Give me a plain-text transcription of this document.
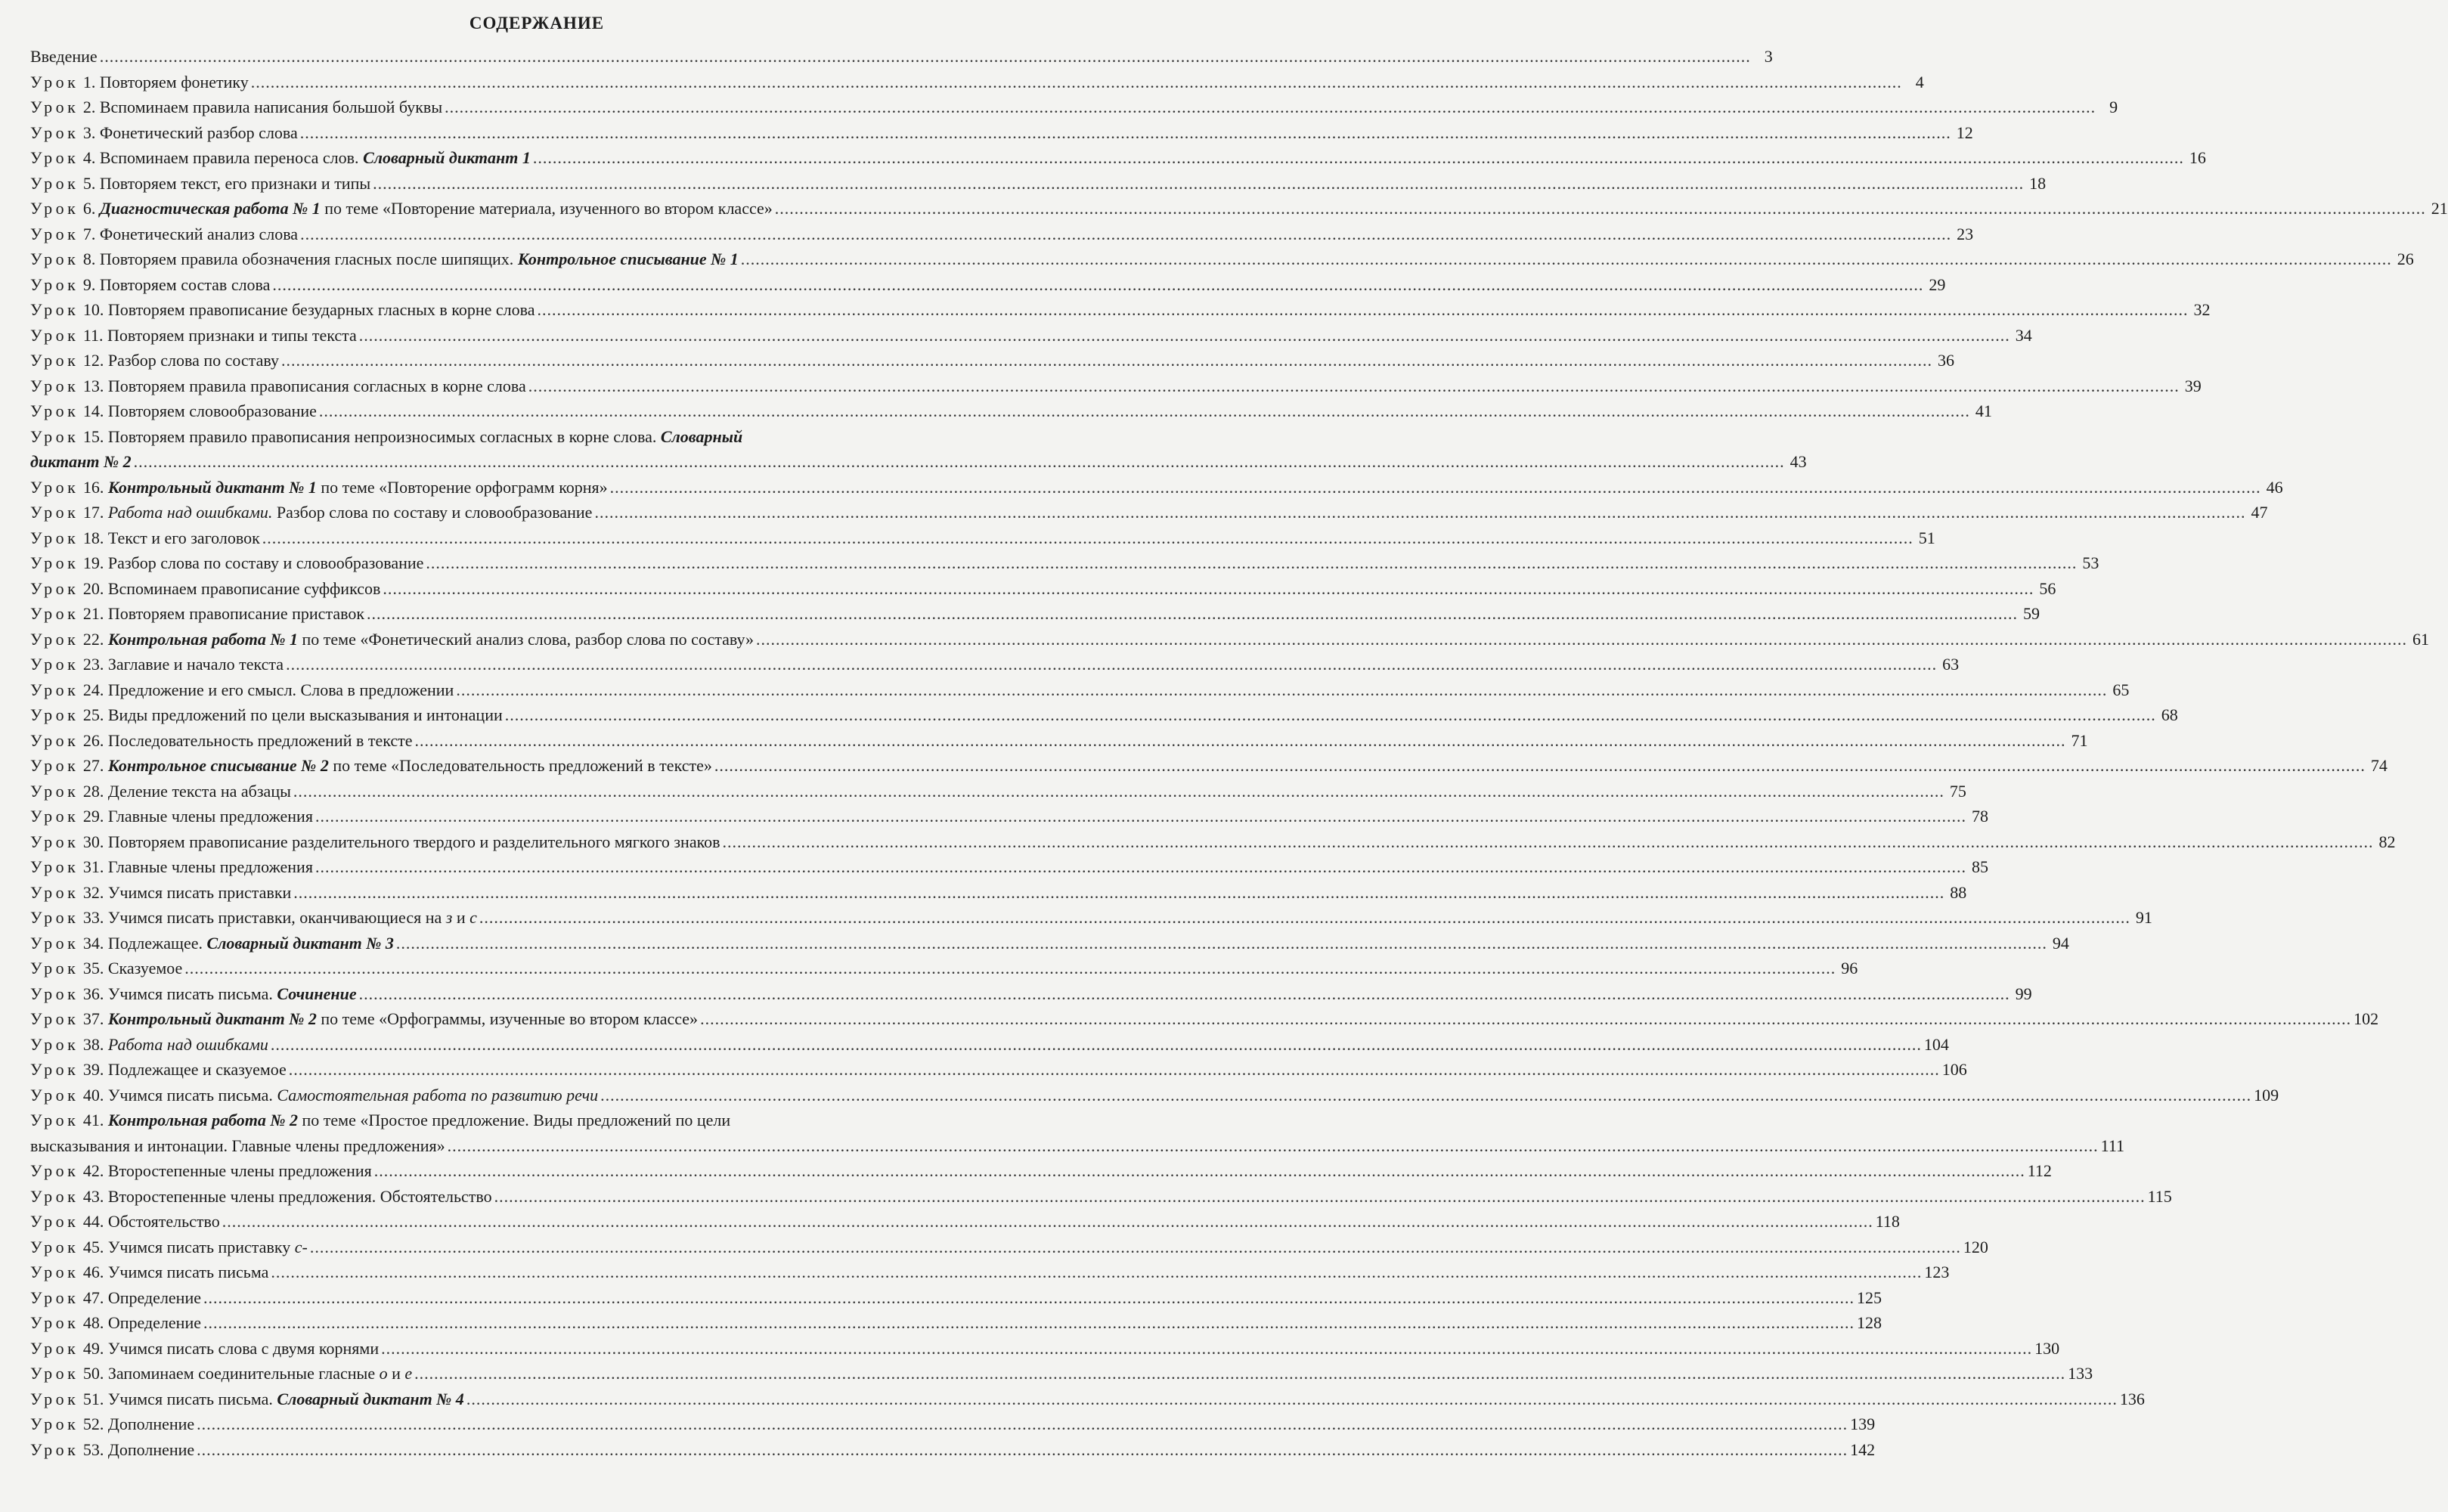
СОДЕРЖАНИЕ
Введение .....	3
Урок 1. Повторяем фонетику .....	4
Урок 2. Вспоминаем правила написания большой буквы .....	9
Урок 3. Фонетический разбор слова .....	12
Урок 4. Вспоминаем правила переноса слов. Словарный диктант 1 .....	16
Урок 5. Повторяем текст, его признаки и типы .....	18
Урок 6. Диагностическая работа № 1 по теме «Повторение материала, изученного во втором классе» .....	21
Урок 7. Фонетический анализ слова .....	23
Урок 8. Повторяем правила обозначения гласных после шипящих. Контрольное списывание № 1 .....	26
Урок 9. Повторяем состав слова .....	29
Урок 10. Повторяем правописание безударных гласных в корне слова .....	32
Урок 11. Повторяем признаки и типы текста .....	34
Урок 12. Разбор слова по составу .....	36
Урок 13. Повторяем правила правописания согласных в корне слова .....	39
Урок 14. Повторяем словообразование .....	41
Урок 15. Повторяем правило правописания непроизносимых согласных в корне слова. Словарный
диктант № 2 .....	43
Урок 16. Контрольный диктант № 1 по теме «Повторение орфограмм корня» .....	46
Урок 17. Работа над ошибками. Разбор слова по составу и словообразование .....	47
Урок 18. Текст и его заголовок .....	51
Урок 19. Разбор слова по составу и словообразование .....	53
Урок 20. Вспоминаем правописание суффиксов .....	56
Урок 21. Повторяем правописание приставок .....	59
Урок 22. Контрольная работа № 1 по теме «Фонетический анализ слова, разбор слова по составу» .....	61
Урок 23. Заглавие и начало текста .....	63
Урок 24. Предложение и его смысл. Слова в предложении .....	65
Урок 25. Виды предложений по цели высказывания и интонации .....	68
Урок 26. Последовательность предложений в тексте .....	71
Урок 27. Контрольное списывание № 2 по теме «Последовательность предложений в тексте» .....	74
Урок 28. Деление текста на абзацы .....	75
Урок 29. Главные члены предложения .....	78
Урок 30. Повторяем правописание разделительного твердого и разделительного мягкого знаков .....	82
Урок 31. Главные члены предложения .....	85
Урок 32. Учимся писать приставки .....	88
Урок 33. Учимся писать приставки, оканчивающиеся на з и с .....	91
Урок 34. Подлежащее. Словарный диктант № 3 .....	94
Урок 35. Сказуемое .....	96
Урок 36. Учимся писать письма. Сочинение .....	99
Урок 37. Контрольный диктант № 2 по теме «Орфограммы, изученные во втором классе» .....	102
Урок 38. Работа над ошибками .....	104
Урок 39. Подлежащее и сказуемое .....	106
Урок 40. Учимся писать письма. Самостоятельная работа по развитию речи .....	109
Урок 41. Контрольная работа № 2 по теме «Простое предложение. Виды предложений по цели
высказывания и интонации. Главные члены предложения» .....	111
Урок 42. Второстепенные члены предложения .....	112
Урок 43. Второстепенные члены предложения. Обстоятельство .....	115
Урок 44. Обстоятельство .....	118
Урок 45. Учимся писать приставку с- .....	120
Урок 46. Учимся писать письма .....	123
Урок 47. Определение .....	125
Урок 48. Определение .....	128
Урок 49. Учимся писать слова с двумя корнями .....	130
Урок 50. Запоминаем соединительные гласные о и е .....	133
Урок 51. Учимся писать письма. Словарный диктант № 4 .....	136
Урок 52. Дополнение .....	139
Урок 53. Дополнение .....	142
